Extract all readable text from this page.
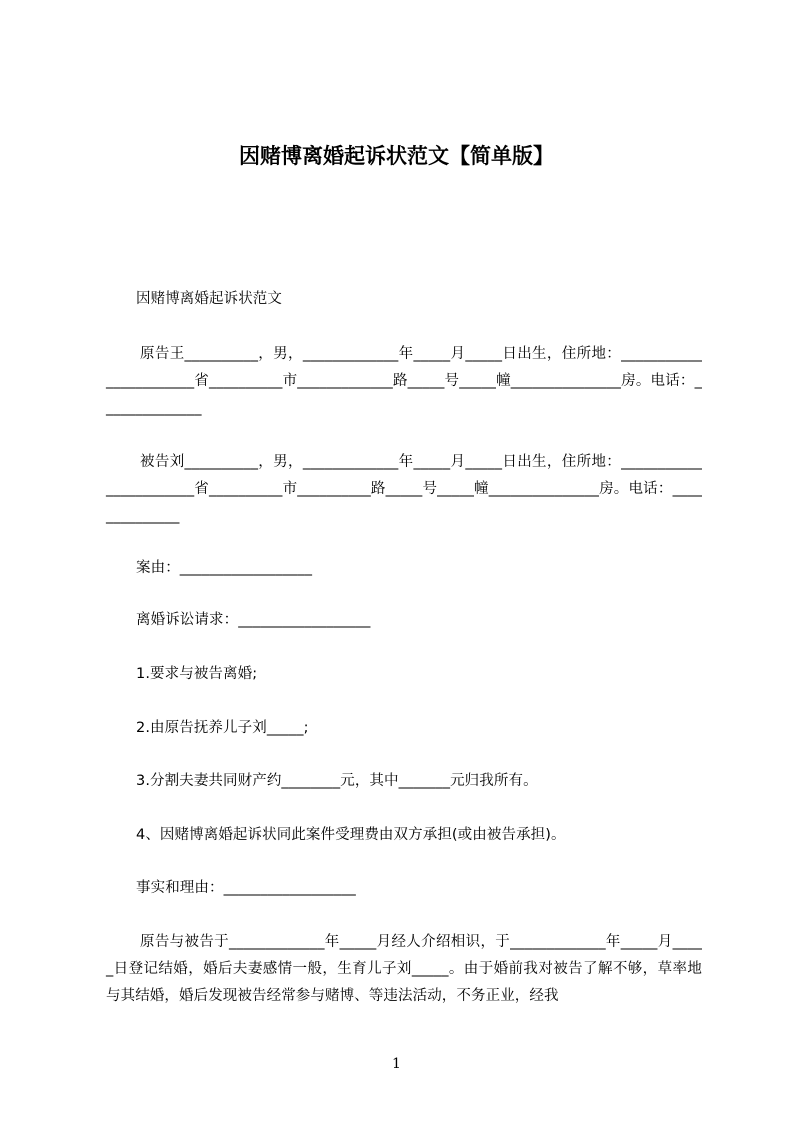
因赌博离婚起诉状范文【简单版】
因赌博离婚起诉状范文
原告王__________，男，_____________年_____月_____日出生，住所地：_______________________省__________市_____________路_____号_____幢_______________房。电话：______________
被告刘__________，男，_____________年_____月_____日出生，住所地：_______________________省__________市__________路_____号_____幢_______________房。电话：______________
案由：__________________
离婚诉讼请求：__________________
1.要求与被告离婚;
2.由原告抚养儿子刘_____;
3.分割夫妻共同财产约________元，其中_______元归我所有。
4、因赌博离婚起诉状同此案件受理费由双方承担(或由被告承担)。
事实和理由：__________________
原告与被告于_____________年_____月经人介绍相识，于_____________年_____月_____日登记结婚，婚后夫妻感情一般，生育儿子刘_____。由于婚前我对被告了解不够，草率地与其结婚，婚后发现被告经常参与赌博、等违法活动，不务正业，经我
1
